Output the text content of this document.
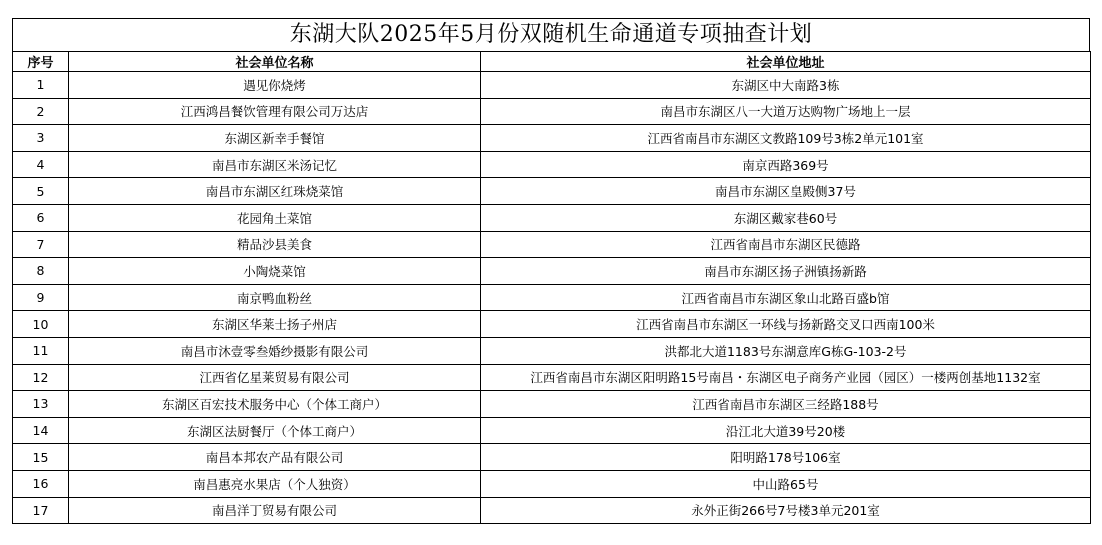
东湖大队2025年5月份双随机生命通道专项抽查计划
序号	社会单位名称	社会单位地址
1	遇见你烧烤	东湖区中大南路3栋
2	江西鸿昌餐饮管理有限公司万达店	南昌市东湖区八一大道万达购物广场地上一层
3	东湖区新幸手餐馆	江西省南昌市东湖区文教路109号3栋2单元101室
4	南昌市东湖区米汤记忆	南京西路369号
5	南昌市东湖区红珠烧菜馆	南昌市东湖区皇殿侧37号
6	花园角土菜馆	东湖区戴家巷60号
7	精品沙县美食	江西省南昌市东湖区民德路
8	小陶烧菜馆	南昌市东湖区扬子洲镇扬新路
9	南京鸭血粉丝	江西省南昌市东湖区象山北路百盛b馆
10	东湖区华莱士扬子州店	江西省南昌市东湖区一环线与扬新路交叉口西南100米
11	南昌市沐壹零叁婚纱摄影有限公司	洪都北大道1183号东湖意库G栋G-103-2号
12	江西省亿星莱贸易有限公司	江西省南昌市东湖区阳明路15号南昌・东湖区电子商务产业园（园区）一楼两创基地1132室
13	东湖区百宏技术服务中心（个体工商户）	江西省南昌市东湖区三经路188号
14	东湖区法厨餐厅（个体工商户）	沿江北大道39号20楼
15	南昌本邦农产品有限公司	阳明路178号106室
16	南昌惠亮水果店（个人独资）	中山路65号
17	南昌洋丁贸易有限公司	永外正街266号7号楼3单元201室
